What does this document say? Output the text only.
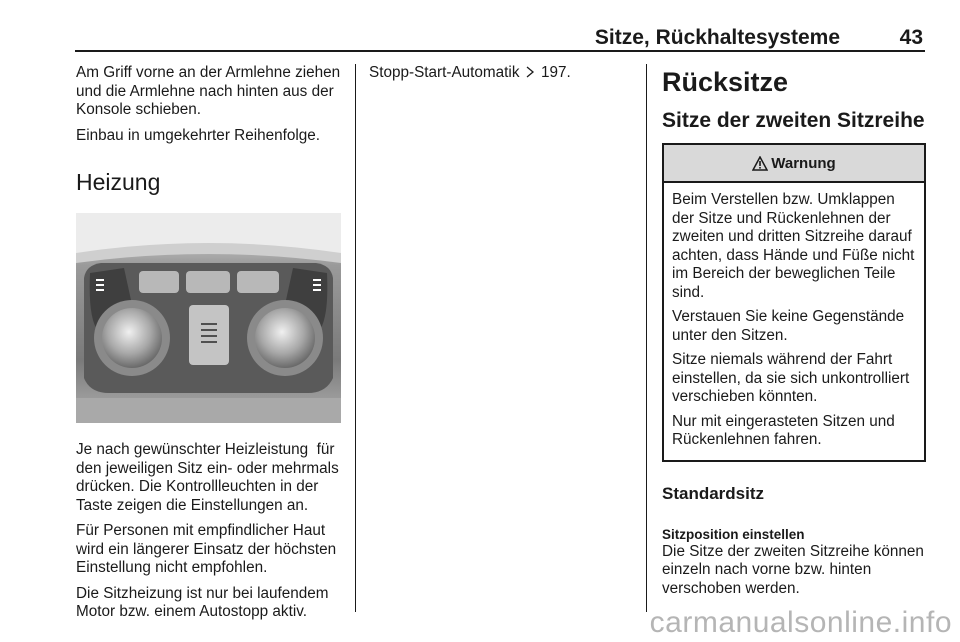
Sitze, Rückhaltesysteme	43

Am Griff vorne an der Armlehne ziehen und die Armlehne nach hinten aus der Konsole schieben.

Einbau in umgekehrter Reihenfolge.

Heizung

Je nach gewünschter Heizleistung ⁠ für den jeweiligen Sitz ein- oder mehrmals drücken. Die Kontrollleuchten in der Taste zeigen die Einstellungen an.

Für Personen mit empfindlicher Haut wird ein längerer Einsatz der höchsten Einstellung nicht empfohlen.

Die Sitzheizung ist nur bei laufendem Motor bzw. einem Autostopp aktiv.

Stopp-Start-Automatik 197.	Rücksitze
Sitze der zweiten Sitzreihe
Warnung

Beim Verstellen bzw. Umklappen der Sitze und Rückenlehnen der zweiten und dritten Sitzreihe darauf achten, dass Hände und Füße nicht im Bereich der beweglichen Teile sind.

Verstauen Sie keine Gegenstände unter den Sitzen.

Sitze niemals während der Fahrt einstellen, da sie sich unkontrolliert verschieben könnten.

Nur mit eingerasteten Sitzen und Rückenlehnen fahren.

Standardsitz
Sitzposition einstellen

Die Sitze der zweiten Sitzreihe können einzeln nach vorne bzw. hinten verschoben werden.

carmanualsonline.info
